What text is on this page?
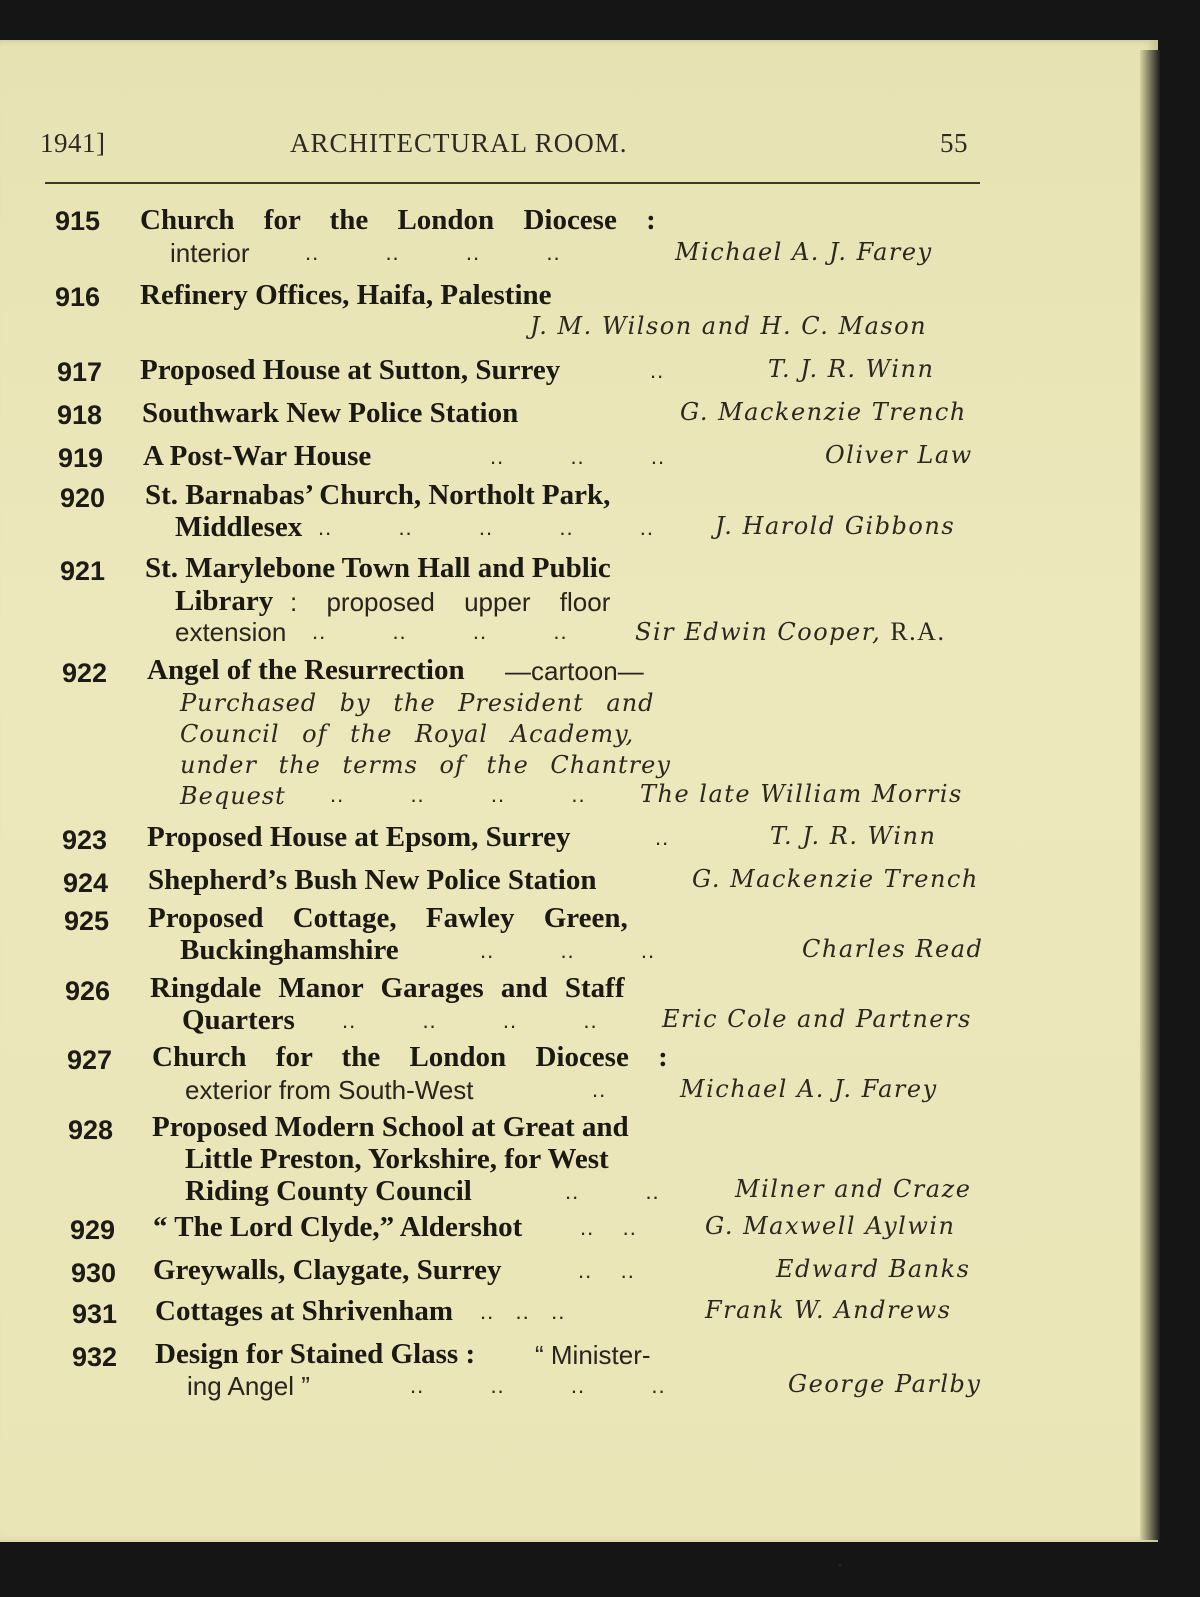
1941]	ARCHITECTURAL ROOM.	55
915 Church for the London Diocese :
interior	..  ..  ..  ..	Michael A. J. Farey
916 Refinery Offices, Haifa, Palestine
J. M. Wilson and H. C. Mason
917 Proposed House at Sutton, Surrey	..	T. J. R. Winn
918 Southwark New Police Station	G. Mackenzie Trench
919 A Post-War House	..  ..  ..	Oliver Law
920 St. Barnabas’ Church, Northolt Park,
Middlesex ..  ..  ..  ..  ..	J. Harold Gibbons
921 St. Marylebone Town Hall and Public
Library : proposed upper floor
extension ..  ..  ..  ..	Sir Edwin Cooper, R.A.
922 Angel of the Resurrection —cartoon—
Purchased by the President and
Council of the Royal Academy,
under the terms of the Chantrey
Bequest ..  ..  ..  .. The late William Morris
923 Proposed House at Epsom, Surrey	..	T. J. R. Winn
924 Shepherd’s Bush New Police Station	G. Mackenzie Trench
925 Proposed Cottage, Fawley Green,
Buckinghamshire	..  ..  ..	Charles Read
926 Ringdale Manor Garages and Staff
Quarters ..  ..  ..  ..	Eric Cole and Partners
927 Church for the London Diocese :
exterior from South-West	..	Michael A. J. Farey
928 Proposed Modern School at Great and
Little Preston, Yorkshire, for West
Riding County Council	..  ..	Milner and Craze
929 “ The Lord Clyde,” Aldershot	..    ..	G. Maxwell Aylwin
930 Greywalls, Claygate, Surrey	..    ..	Edward Banks
931 Cottages at Shrivenham ..   ..   ..	Frank W. Andrews
932 Design for Stained Glass : “ Minister-
ing Angel ”	..  ..  ..  ..	George Parlby
